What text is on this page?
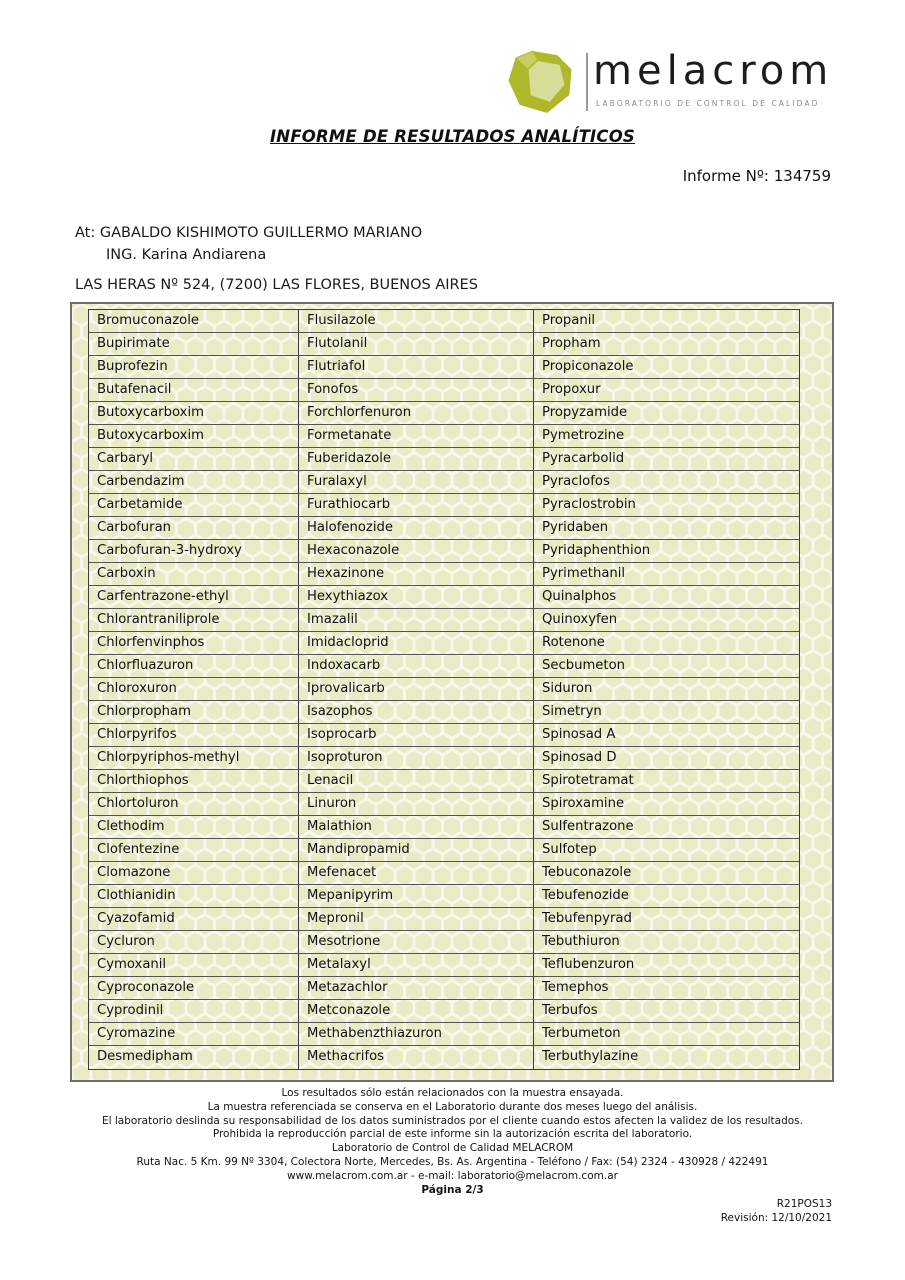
melacrom
LABORATORIO DE CONTROL DE CALIDAD
INFORME DE RESULTADOS ANALÍTICOS
Informe Nº: 134759
At: GABALDO KISHIMOTO GUILLERMO MARIANO
ING. Karina Andiarena
LAS HERAS Nº 524, (7200) LAS FLORES, BUENOS AIRES
Bromuconazole	Flusilazole	Propanil
Bupirimate	Flutolanil	Propham
Buprofezin	Flutriafol	Propiconazole
Butafenacil	Fonofos	Propoxur
Butoxycarboxim	Forchlorfenuron	Propyzamide
Butoxycarboxim	Formetanate	Pymetrozine
Carbaryl	Fuberidazole	Pyracarbolid
Carbendazim	Furalaxyl	Pyraclofos
Carbetamide	Furathiocarb	Pyraclostrobin
Carbofuran	Halofenozide	Pyridaben
Carbofuran-3-hydroxy	Hexaconazole	Pyridaphenthion
Carboxin	Hexazinone	Pyrimethanil
Carfentrazone-ethyl	Hexythiazox	Quinalphos
Chlorantraniliprole	Imazalil	Quinoxyfen
Chlorfenvinphos	Imidacloprid	Rotenone
Chlorfluazuron	Indoxacarb	Secbumeton
Chloroxuron	Iprovalicarb	Siduron
Chlorpropham	Isazophos	Simetryn
Chlorpyrifos	Isoprocarb	Spinosad A
Chlorpyriphos-methyl	Isoproturon	Spinosad D
Chlorthiophos	Lenacil	Spirotetramat
Chlortoluron	Linuron	Spiroxamine
Clethodim	Malathion	Sulfentrazone
Clofentezine	Mandipropamid	Sulfotep
Clomazone	Mefenacet	Tebuconazole
Clothianidin	Mepanipyrim	Tebufenozide
Cyazofamid	Mepronil	Tebufenpyrad
Cycluron	Mesotrione	Tebuthiuron
Cymoxanil	Metalaxyl	Teflubenzuron
Cyproconazole	Metazachlor	Temephos
Cyprodinil	Metconazole	Terbufos
Cyromazine	Methabenzthiazuron	Terbumeton
Desmedipham	Methacrifos	Terbuthylazine
Los resultados sólo están relacionados con la muestra ensayada.
La muestra referenciada se conserva en el Laboratorio durante dos meses luego del análisis.
El laboratorio deslinda su responsabilidad de los datos suministrados por el cliente cuando estos afecten la validez de los resultados.
Prohibida la reproducción parcial de este informe sin la autorización escrita del laboratorio.
Laboratorio de Control de Calidad MELACROM
Ruta Nac. 5 Km. 99 Nº 3304, Colectora Norte, Mercedes, Bs. As. Argentina - Teléfono / Fax: (54) 2324 - 430928 / 422491
www.melacrom.com.ar - e-mail: laboratorio@melacrom.com.ar
Página 2/3
R21POS13
Revisión: 12/10/2021
